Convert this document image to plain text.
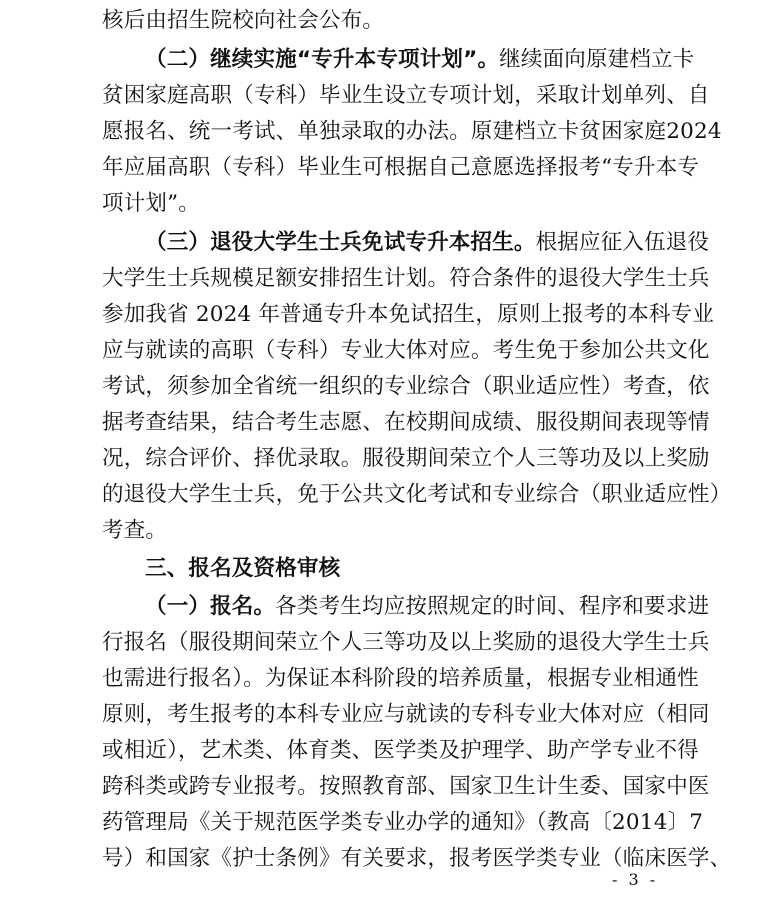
核后由招生院校向社会公布。
（二）继续实施“专升本专项计划”。继续面向原建档立卡
贫困家庭高职（专科）毕业生设立专项计划，采取计划单列、自
愿报名、统一考试、单独录取的办法。原建档立卡贫困家庭2024
年应届高职（专科）毕业生可根据自己意愿选择报考“专升本专
项计划”。
（三）退役大学生士兵免试专升本招生。根据应征入伍退役
大学生士兵规模足额安排招生计划。符合条件的退役大学生士兵
参加我省 2024 年普通专升本免试招生，原则上报考的本科专业
应与就读的高职（专科）专业大体对应。考生免于参加公共文化
考试，须参加全省统一组织的专业综合（职业适应性）考查，依
据考查结果，结合考生志愿、在校期间成绩、服役期间表现等情
况，综合评价、择优录取。服役期间荣立个人三等功及以上奖励
的退役大学生士兵，免于公共文化考试和专业综合（职业适应性）
考查。
三、报名及资格审核
（一）报名。各类考生均应按照规定的时间、程序和要求进
行报名（服役期间荣立个人三等功及以上奖励的退役大学生士兵
也需进行报名）。为保证本科阶段的培养质量，根据专业相通性
原则，考生报考的本科专业应与就读的专科专业大体对应（相同
或相近），艺术类、体育类、医学类及护理学、助产学专业不得
跨科类或跨专业报考。按照教育部、国家卫生计生委、国家中医
药管理局《关于规范医学类专业办学的通知》（教高〔2014〕7
号）和国家《护士条例》有关要求，报考医学类专业（临床医学、
- 3 -
